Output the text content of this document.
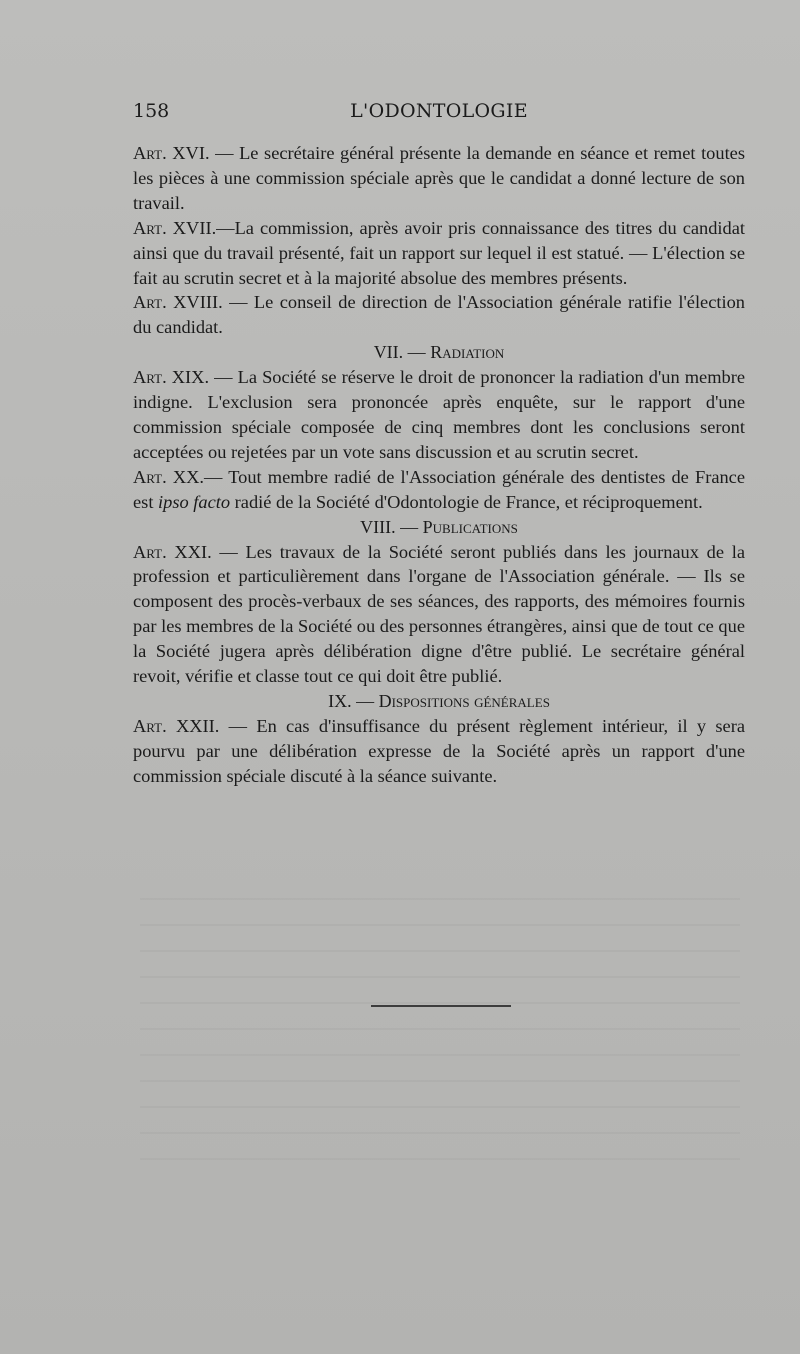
158	L'ODONTOLOGIE

Art. XVI. — Le secrétaire général présente la demande en séance et remet toutes les pièces à une commission spéciale après que le candidat a donné lecture de son travail.

Art. XVII.—La commission, après avoir pris connaissance des titres du candidat ainsi que du travail présenté, fait un rapport sur lequel il est statué. — L'élection se fait au scrutin secret et à la majorité absolue des membres présents.

Art. XVIII. — Le conseil de direction de l'Association générale ratifie l'élection du candidat.

VII. — Radiation

Art. XIX. — La Société se réserve le droit de prononcer la radiation d'un membre indigne. L'exclusion sera prononcée après enquête, sur le rapport d'une commission spéciale composée de cinq membres dont les conclusions seront acceptées ou rejetées par un vote sans discussion et au scrutin secret.

Art. XX.— Tout membre radié de l'Association générale des dentistes de France est ipso facto radié de la Société d'Odontologie de France, et réciproquement.

VIII. — Publications

Art. XXI. — Les travaux de la Société seront publiés dans les journaux de la profession et particulièrement dans l'organe de l'Association générale. — Ils se composent des procès-verbaux de ses séances, des rapports, des mémoires fournis par les membres de la Société ou des personnes étrangères, ainsi que de tout ce que la Société jugera après délibération digne d'être publié. Le secrétaire général revoit, vérifie et classe tout ce qui doit être publié.

IX. — Dispositions générales

Art. XXII. — En cas d'insuffisance du présent règlement intérieur, il y sera pourvu par une délibération expresse de la Société après un rapport d'une commission spéciale discuté à la séance suivante.
